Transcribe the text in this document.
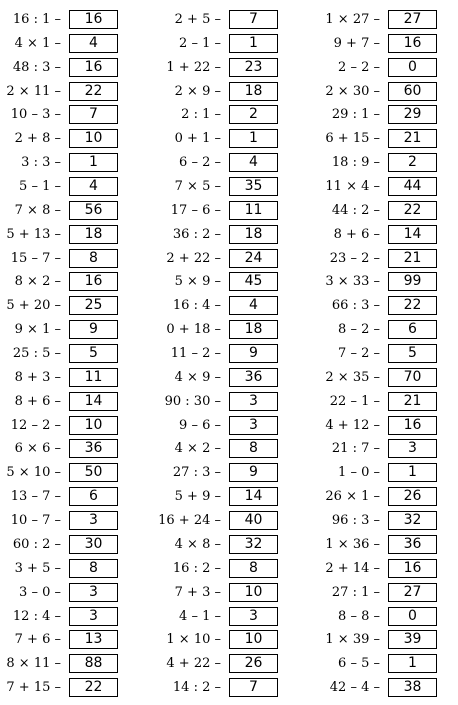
16 : 1 –	16
4 × 1 –	4
48 : 3 –	16
2 × 11 –	22
10 – 3 –	7
2 + 8 –	10
3 : 3 –	1
5 – 1 –	4
7 × 8 –	56
5 + 13 –	18
15 – 7 –	8
8 × 2 –	16
5 + 20 –	25
9 × 1 –	9
25 : 5 –	5
8 + 3 –	11
8 + 6 –	14
12 – 2 –	10
6 × 6 –	36
5 × 10 –	50
13 – 7 –	6
10 – 7 –	3
60 : 2 –	30
3 + 5 –	8
3 – 0 –	3
12 : 4 –	3
7 + 6 –	13
8 × 11 –	88
7 + 15 –	22
2 + 5 –	7
2 – 1 –	1
1 + 22 –	23
2 × 9 –	18
2 : 1 –	2
0 + 1 –	1
6 – 2 –	4
7 × 5 –	35
17 – 6 –	11
36 : 2 –	18
2 + 22 –	24
5 × 9 –	45
16 : 4 –	4
0 + 18 –	18
11 – 2 –	9
4 × 9 –	36
90 : 30 –	3
9 – 6 –	3
4 × 2 –	8
27 : 3 –	9
5 + 9 –	14
16 + 24 –	40
4 × 8 –	32
16 : 2 –	8
7 + 3 –	10
4 – 1 –	3
1 × 10 –	10
4 + 22 –	26
14 : 2 –	7
1 × 27 –	27
9 + 7 –	16
2 – 2 –	0
2 × 30 –	60
29 : 1 –	29
6 + 15 –	21
18 : 9 –	2
11 × 4 –	44
44 : 2 –	22
8 + 6 –	14
23 – 2 –	21
3 × 33 –	99
66 : 3 –	22
8 – 2 –	6
7 – 2 –	5
2 × 35 –	70
22 – 1 –	21
4 + 12 –	16
21 : 7 –	3
1 – 0 –	1
26 × 1 –	26
96 : 3 –	32
1 × 36 –	36
2 + 14 –	16
27 : 1 –	27
8 – 8 –	0
1 × 39 –	39
6 – 5 –	1
42 – 4 –	38
